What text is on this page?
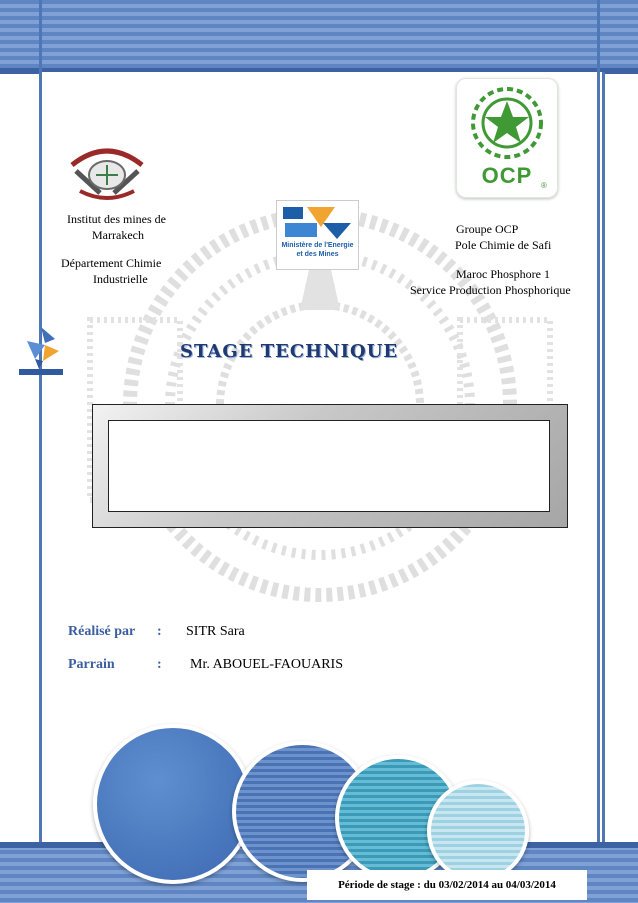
Institut des mines de
Marrakech
Département Chimie
Industrielle
Ministère de l'Energie
et des Mines
OCP	®
Groupe OCP
Pole Chimie de Safi
Maroc Phosphore 1
Service Production Phosphorique
STAGE TECHNIQUE
Réalisé par : SITR Sara
Parrain	: Mr. ABOUEL-FAOUARIS
Période de stage : du 03/02/2014 au 04/03/2014
